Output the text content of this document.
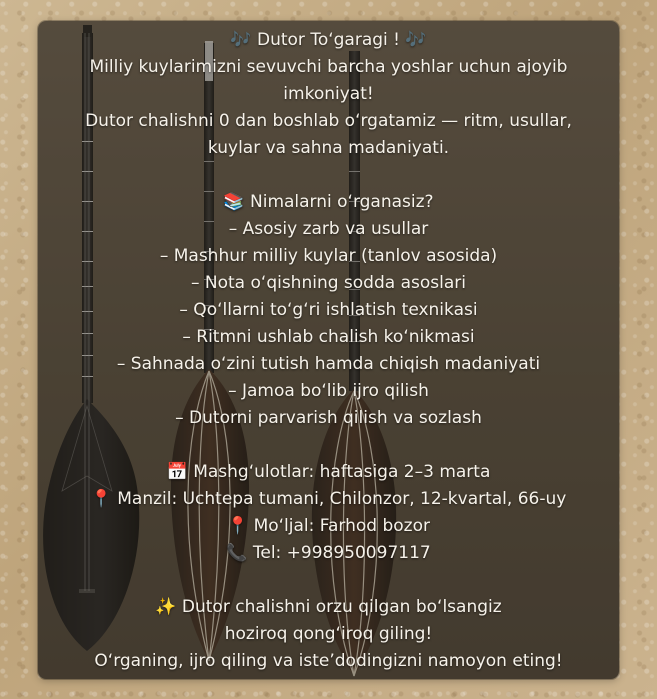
🎶 Dutor To‘garagi ! 🎶
Milliy kuylarimizni sevuvchi barcha yoshlar uchun ajoyib
imkoniyat!
Dutor chalishni 0 dan boshlab o‘rgatamiz — ritm, usullar,
kuylar va sahna madaniyati.
📚 Nimalarni o‘rganasiz?
– Asosiy zarb va usullar
– Mashhur milliy kuylar (tanlov asosida)
– Nota o‘qishning sodda asoslari
– Qo‘llarni to‘g‘ri ishlatish texnikasi
– Ritmni ushlab chalish ko‘nikmasi
– Sahnada o‘zini tutish hamda chiqish madaniyati
– Jamoa bo‘lib ijro qilish
– Dutorni parvarish qilish va sozlash
📅 Mashg‘ulotlar: haftasiga 2–3 marta
📍 Manzil: Uchtepa tumani, Chilonzor, 12-kvartal, 66-uy
📍 Mo‘ljal: Farhod bozor
📞 Tel: +998950097117
✨ Dutor chalishni orzu qilgan bo‘lsangiz
hoziroq qong‘iroq giling!
O‘rganing, ijro qiling va iste’dodingizni namoyon eting!
